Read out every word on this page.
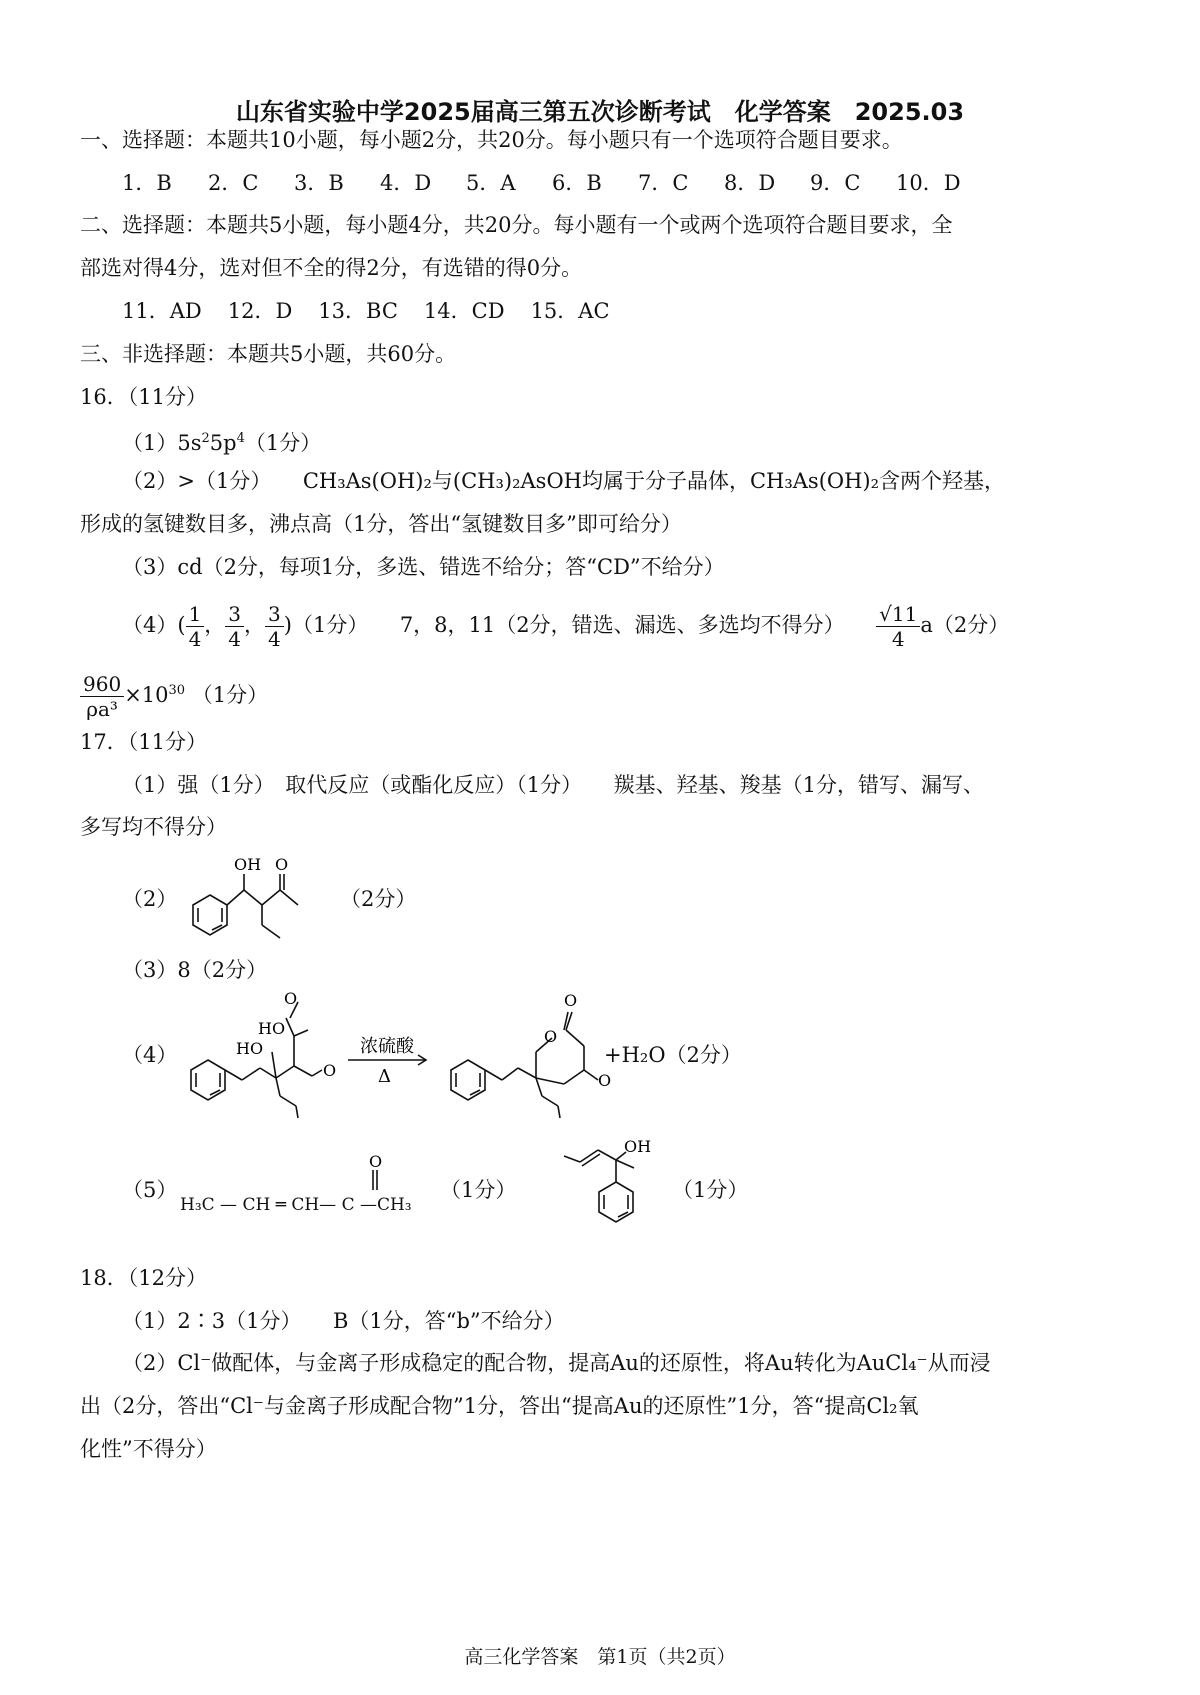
山东省实验中学2025届高三第五次诊断考试　化学答案　2025.03
一、选择题：本题共10小题，每小题2分，共20分。每小题只有一个选项符合题目要求。
1．B 2．C 3．B 4．D 5．A 6．B 7．C 8．D 9．C 10．D
二、选择题：本题共5小题，每小题4分，共20分。每小题有一个或两个选项符合题目要求，全
部选对得4分，选对但不全的得2分，有选错的得0分。
11．AD 12．D 13．BC 14．CD 15．AC
三、非选择题：本题共5小题，共60分。
16．（11分）
$(1)5s^25p^4(1$分）
（2）>（1分）　　CH₃As(OH)₂与(CH₃)₂AsOH均属于分子晶体，CH₃As(OH)₂含两个羟基，
形成的氢键数目多，沸点高（1分，答出“氢键数目多”即可给分）
（3）cd（2分，每项1分，多选、错选不给分；答“CD”不给分）
$(4)( \frac{1}{4}$ ， $\frac{3}{4}$ ， $\frac{3}{4} )(1$分）　　7，8，11（2分，错选、漏选、多选均不得分）　　 $\frac{√11}{4} a(2$分）
$\frac{960}{\text{ρa³}} \times 10^{30}$ （1分）
17．（11分）
（1）强（1分）　取代反应（或酯化反应）（1分）　　羰基、羟基、羧基（1分，错写、漏写、
多写均不得分）
（2）
OH O
（2分）
（3）8（2分）
（4）
O
HO
HO
O
浓硫酸
Δ
O
O
O
+H₂O（2分）
（5）
H₃C — CH ═ CH— C —CH₃
O
（1分）
OH
（1分）
18．（12分）
（1）2∶3（1分）　　B（1分，答“b”不给分）
（2）Cl⁻做配体，与金离子形成稳定的配合物，提高Au的还原性，将Au转化为AuCl₄⁻从而浸
出（2分，答出“Cl⁻与金离子形成配合物”1分，答出“提高Au的还原性”1分，答“提高Cl₂氧
化性”不得分）
高三化学答案　第1页（共2页）
